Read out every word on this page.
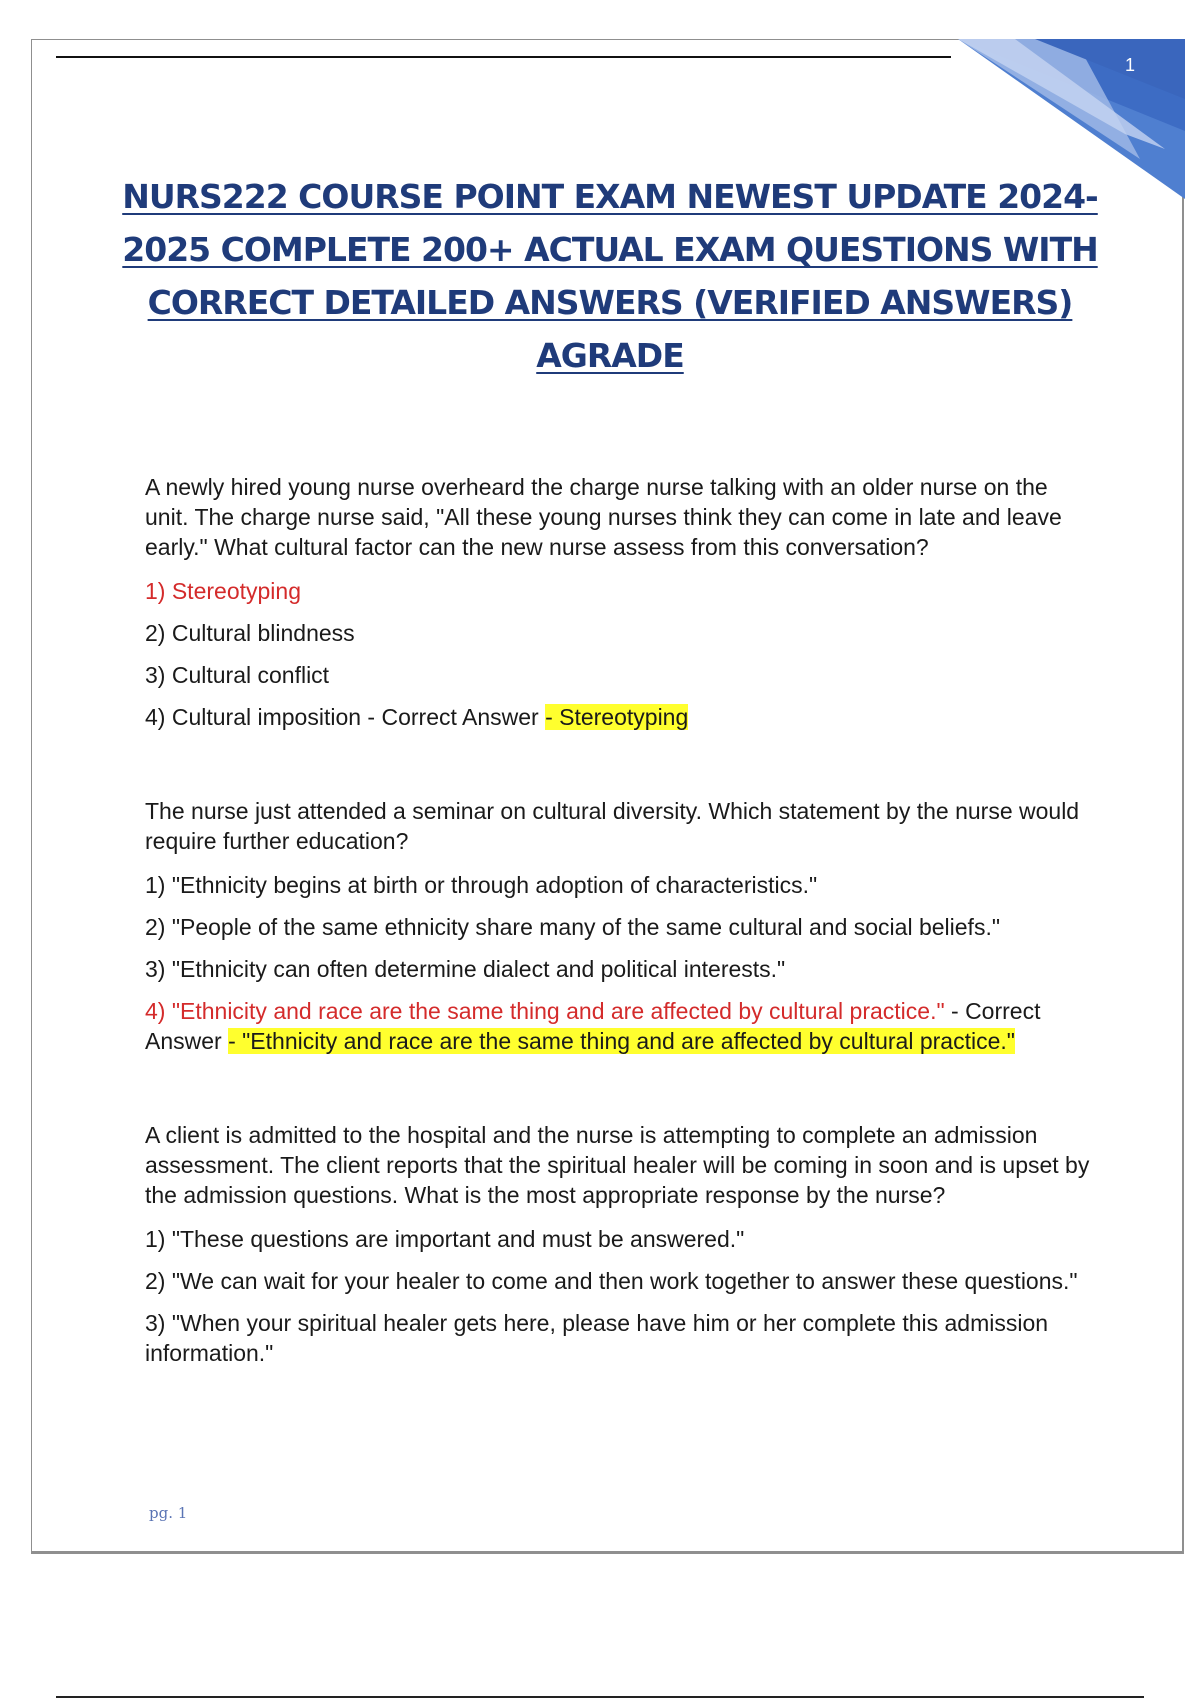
1
NURS222 COURSE POINT EXAM NEWEST UPDATE 2024-2025 COMPLETE 200+ ACTUAL EXAM QUESTIONS WITH CORRECT DETAILED ANSWERS (VERIFIED ANSWERS) AGRADE

A newly hired young nurse overheard the charge nurse talking with an older nurse on the unit. The charge nurse said, "All these young nurses think they can come in late and leave early." What cultural factor can the new nurse assess from this conversation?

1) Stereotyping

2) Cultural blindness

3) Cultural conflict

4) Cultural imposition - Correct Answer - Stereotyping

The nurse just attended a seminar on cultural diversity. Which statement by the nurse would require further education?

1) "Ethnicity begins at birth or through adoption of characteristics."

2) "People of the same ethnicity share many of the same cultural and social beliefs."

3) "Ethnicity can often determine dialect and political interests."

4) "Ethnicity and race are the same thing and are affected by cultural practice." - Correct Answer - "Ethnicity and race are the same thing and are affected by cultural practice."

A client is admitted to the hospital and the nurse is attempting to complete an admission assessment. The client reports that the spiritual healer will be coming in soon and is upset by the admission questions. What is the most appropriate response by the nurse?

1) "These questions are important and must be answered."

2) "We can wait for your healer to come and then work together to answer these questions."

3) "When your spiritual healer gets here, please have him or her complete this admission information."

pg. 1
